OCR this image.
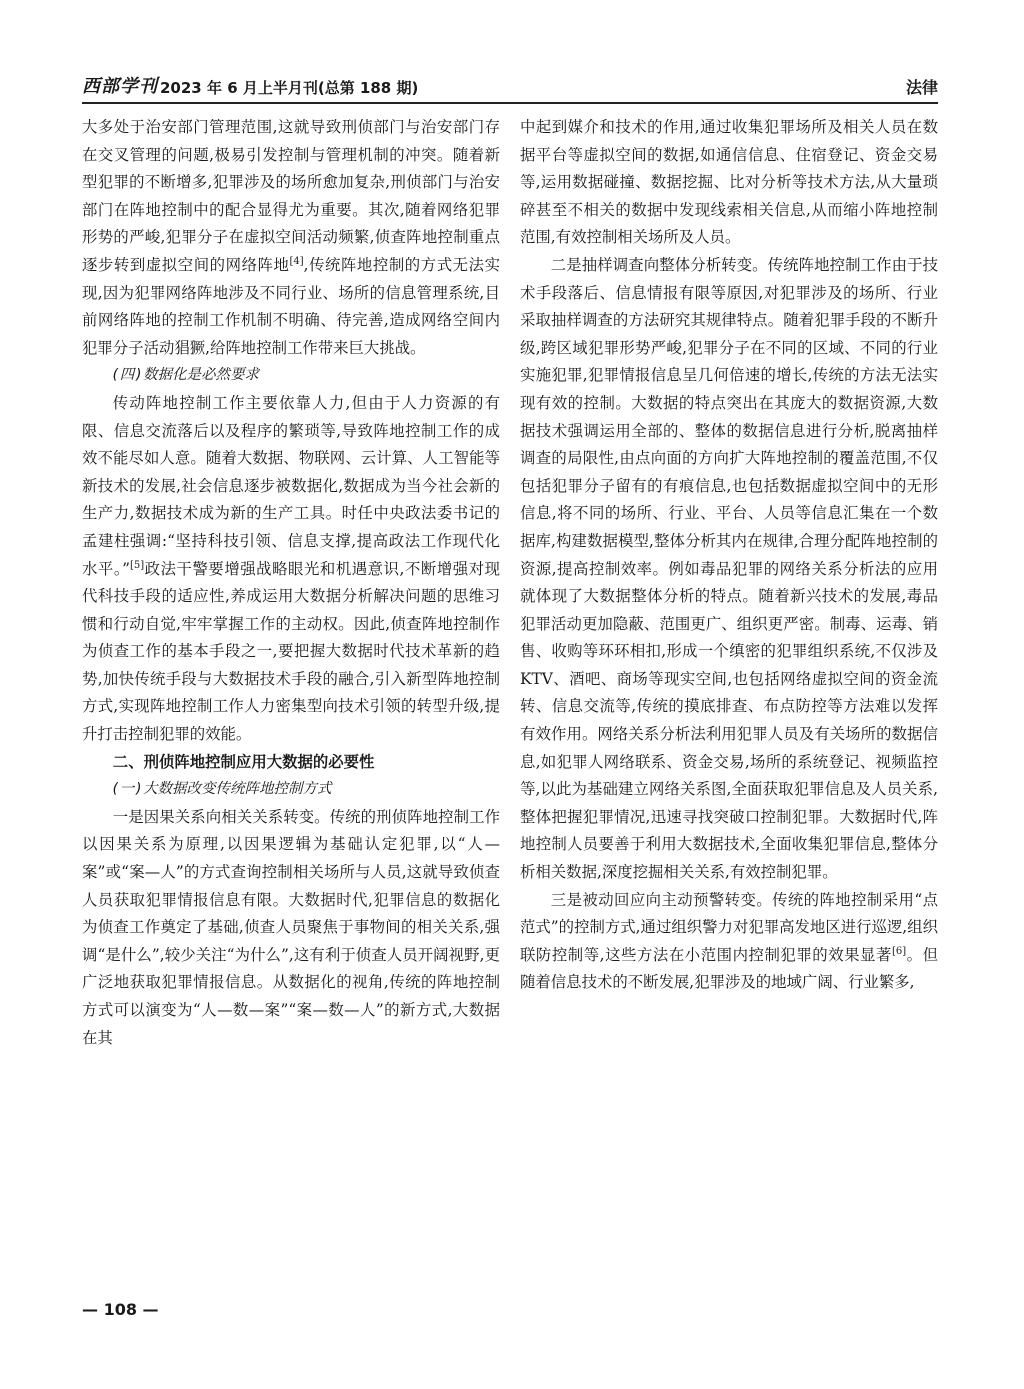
西部学刊 2023 年 6 月上半月刊(总第 188 期)	法律

大多处于治安部门管理范围,这就导致刑侦部门与治安部门存在交叉管理的问题,极易引发控制与管理机制的冲突。随着新型犯罪的不断增多,犯罪涉及的场所愈加复杂,刑侦部门与治安部门在阵地控制中的配合显得尤为重要。其次,随着网络犯罪形势的严峻,犯罪分子在虚拟空间活动频繁,侦查阵地控制重点逐步转到虚拟空间的网络阵地[4],传统阵地控制的方式无法实现,因为犯罪网络阵地涉及不同行业、场所的信息管理系统,目前网络阵地的控制工作机制不明确、待完善,造成网络空间内犯罪分子活动猖獗,给阵地控制工作带来巨大挑战。

(四)数据化是必然要求

传动阵地控制工作主要依靠人力,但由于人力资源的有限、信息交流落后以及程序的繁琐等,导致阵地控制工作的成效不能尽如人意。随着大数据、物联网、云计算、人工智能等新技术的发展,社会信息逐步被数据化,数据成为当今社会新的生产力,数据技术成为新的生产工具。时任中央政法委书记的孟建柱强调:“坚持科技引领、信息支撑,提高政法工作现代化水平。”[5]政法干警要增强战略眼光和机遇意识,不断增强对现代科技手段的适应性,养成运用大数据分析解决问题的思维习惯和行动自觉,牢牢掌握工作的主动权。因此,侦查阵地控制作为侦查工作的基本手段之一,要把握大数据时代技术革新的趋势,加快传统手段与大数据技术手段的融合,引入新型阵地控制方式,实现阵地控制工作人力密集型向技术引领的转型升级,提升打击控制犯罪的效能。

二、刑侦阵地控制应用大数据的必要性

(一)大数据改变传统阵地控制方式

一是因果关系向相关关系转变。传统的刑侦阵地控制工作以因果关系为原理,以因果逻辑为基础认定犯罪,以“人—案”或“案—人”的方式查询控制相关场所与人员,这就导致侦查人员获取犯罪情报信息有限。大数据时代,犯罪信息的数据化为侦查工作奠定了基础,侦查人员聚焦于事物间的相关关系,强调“是什么”,较少关注“为什么”,这有利于侦查人员开阔视野,更广泛地获取犯罪情报信息。从数据化的视角,传统的阵地控制方式可以演变为“人—数—案”“案—数—人”的新方式,大数据在其

中起到媒介和技术的作用,通过收集犯罪场所及相关人员在数据平台等虚拟空间的数据,如通信信息、住宿登记、资金交易等,运用数据碰撞、数据挖掘、比对分析等技术方法,从大量琐碎甚至不相关的数据中发现线索相关信息,从而缩小阵地控制范围,有效控制相关场所及人员。

二是抽样调查向整体分析转变。传统阵地控制工作由于技术手段落后、信息情报有限等原因,对犯罪涉及的场所、行业采取抽样调查的方法研究其规律特点。随着犯罪手段的不断升级,跨区域犯罪形势严峻,犯罪分子在不同的区域、不同的行业实施犯罪,犯罪情报信息呈几何倍速的增长,传统的方法无法实现有效的控制。大数据的特点突出在其庞大的数据资源,大数据技术强调运用全部的、整体的数据信息进行分析,脱离抽样调查的局限性,由点向面的方向扩大阵地控制的覆盖范围,不仅包括犯罪分子留有的有痕信息,也包括数据虚拟空间中的无形信息,将不同的场所、行业、平台、人员等信息汇集在一个数据库,构建数据模型,整体分析其内在规律,合理分配阵地控制的资源,提高控制效率。例如毒品犯罪的网络关系分析法的应用就体现了大数据整体分析的特点。随着新兴技术的发展,毒品犯罪活动更加隐蔽、范围更广、组织更严密。制毒、运毒、销售、收购等环环相扣,形成一个缜密的犯罪组织系统,不仅涉及 KTV、酒吧、商场等现实空间,也包括网络虚拟空间的资金流转、信息交流等,传统的摸底排查、布点防控等方法难以发挥有效作用。网络关系分析法利用犯罪人员及有关场所的数据信息,如犯罪人网络联系、资金交易,场所的系统登记、视频监控等,以此为基础建立网络关系图,全面获取犯罪信息及人员关系,整体把握犯罪情况,迅速寻找突破口控制犯罪。大数据时代,阵地控制人员要善于利用大数据技术,全面收集犯罪信息,整体分析相关数据,深度挖掘相关关系,有效控制犯罪。

三是被动回应向主动预警转变。传统的阵地控制采用“点范式”的控制方式,通过组织警力对犯罪高发地区进行巡逻,组织联防控制等,这些方法在小范围内控制犯罪的效果显著[6]。但随着信息技术的不断发展,犯罪涉及的地域广阔、行业繁多,

— 108 —
